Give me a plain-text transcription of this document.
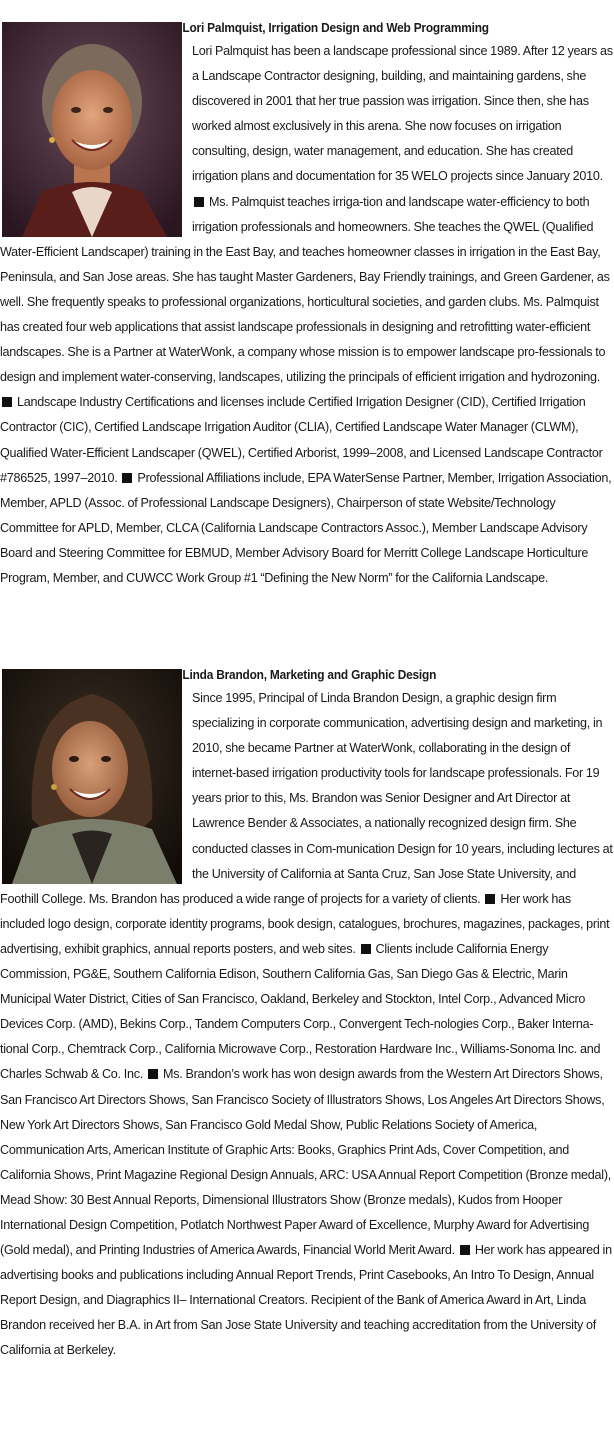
Lori Palmquist, Irrigation Design and Web Programming

Lori Palmquist has been a landscape professional since 1989. After 12 years as a Landscape Contractor designing, building, and maintaining gardens, she discovered in 2001 that her true passion was irrigation. Since then, she has worked almost exclusively in this arena. She now focuses on irrigation consulting, design, water management, and education. She has created irrigation plans and documentation for 35 WELO projects since January 2010.  Ms. Palmquist teaches irriga-tion and landscape water-efficiency to both irrigation professionals and homeowners. She teaches the QWEL (Qualified Water-Efficient Landscaper) training in the East Bay, and teaches homeowner classes in irrigation in the East Bay, Peninsula, and San Jose areas. She has taught Master Gardeners, Bay Friendly trainings, and Green Gardener, as well. She frequently speaks to professional organizations, horticultural societies, and garden clubs. Ms. Palmquist has created four web applications that assist landscape professionals in designing and retrofitting water-efficient landscapes. She is a Partner at WaterWonk, a company whose mission is to empower landscape pro-fessionals to design and implement water-conserving, landscapes, utilizing the principals of efficient irrigation and hydrozoning.  Landscape Industry Certifications and licenses include Certified Irrigation Designer (CID), Certified Irrigation Contractor (CIC), Certified Landscape Irrigation Auditor (CLIA), Certified Landscape Water Manager (CLWM), Qualified Water-Efficient Landscaper (QWEL), Certified Arborist, 1999–2008, and Licensed Landscape Contractor #786525, 1997–2010. Professional Affiliations include, EPA WaterSense Partner, Member, Irrigation Association, Member, APLD (Assoc. of Professional Landscape Designers), Chairperson of state Website/Technology Committee for APLD, Member, CLCA (California Landscape Contractors Assoc.), Member Landscape Advisory Board and Steering Committee for EBMUD, Member Advisory Board for Merritt College Landscape Horticulture Program, Member, and CUWCC Work Group #1 “Defining the New Norm” for the California Landscape.

Linda Brandon, Marketing and Graphic Design

Since 1995, Principal of Linda Brandon Design, a graphic design firm specializing in corporate communication, advertising design and marketing, in 2010, she became Partner at WaterWonk, collaborating in the design of internet-based irrigation productivity tools for landscape professionals. For 19 years prior to this, Ms. Brandon was Senior Designer and Art Director at Lawrence Bender & Associates, a nationally recognized design firm. She conducted classes in Com-munication Design for 10 years, including lectures at the University of California at Santa Cruz, San Jose State University, and Foothill College. Ms. Brandon has produced a wide range of projects for a variety of clients. Her work has included logo design, corporate identity programs, book design, catalogues, brochures, magazines, packages, print advertising, exhibit graphics, annual reports posters, and web sites. Clients include California Energy Commission, PG&E, Southern California Edison, Southern California Gas, San Diego Gas & Electric, Marin Municipal Water District, Cities of San Francisco, Oakland, Berkeley and Stockton, Intel Corp., Advanced Micro Devices Corp. (AMD), Bekins Corp., Tandem Computers Corp., Convergent Tech-nologies Corp., Baker Interna-tional Corp., Chemtrack Corp., California Microwave Corp., Restoration Hardware Inc., Williams-Sonoma Inc. and Charles Schwab & Co. Inc. Ms. Brandon’s work has won design awards from the Western Art Directors Shows, San Francisco Art Directors Shows, San Francisco Society of Illustrators Shows, Los Angeles Art Directors Shows, New York Art Directors Shows, San Francisco Gold Medal Show, Public Relations Society of America, Communication Arts, American Institute of Graphic Arts: Books, Graphics Print Ads, Cover Competition, and California Shows, Print Magazine Regional Design Annuals, ARC: USA Annual Report Competition (Bronze medal), Mead Show: 30 Best Annual Reports, Dimensional Illustrators Show (Bronze medals), Kudos from Hooper International Design Competition, Potlatch Northwest Paper Award of Excellence, Murphy Award for Advertising (Gold medal), and Printing Industries of America Awards, Financial World Merit Award. Her work has appeared in advertising books and publications including Annual Report Trends, Print Casebooks, An Intro To Design, Annual Report Design, and Diagraphics II– International Creators. Recipient of the Bank of America Award in Art, Linda Brandon received her B.A. in Art from San Jose State University and teaching accreditation from the University of California at Berkeley.
